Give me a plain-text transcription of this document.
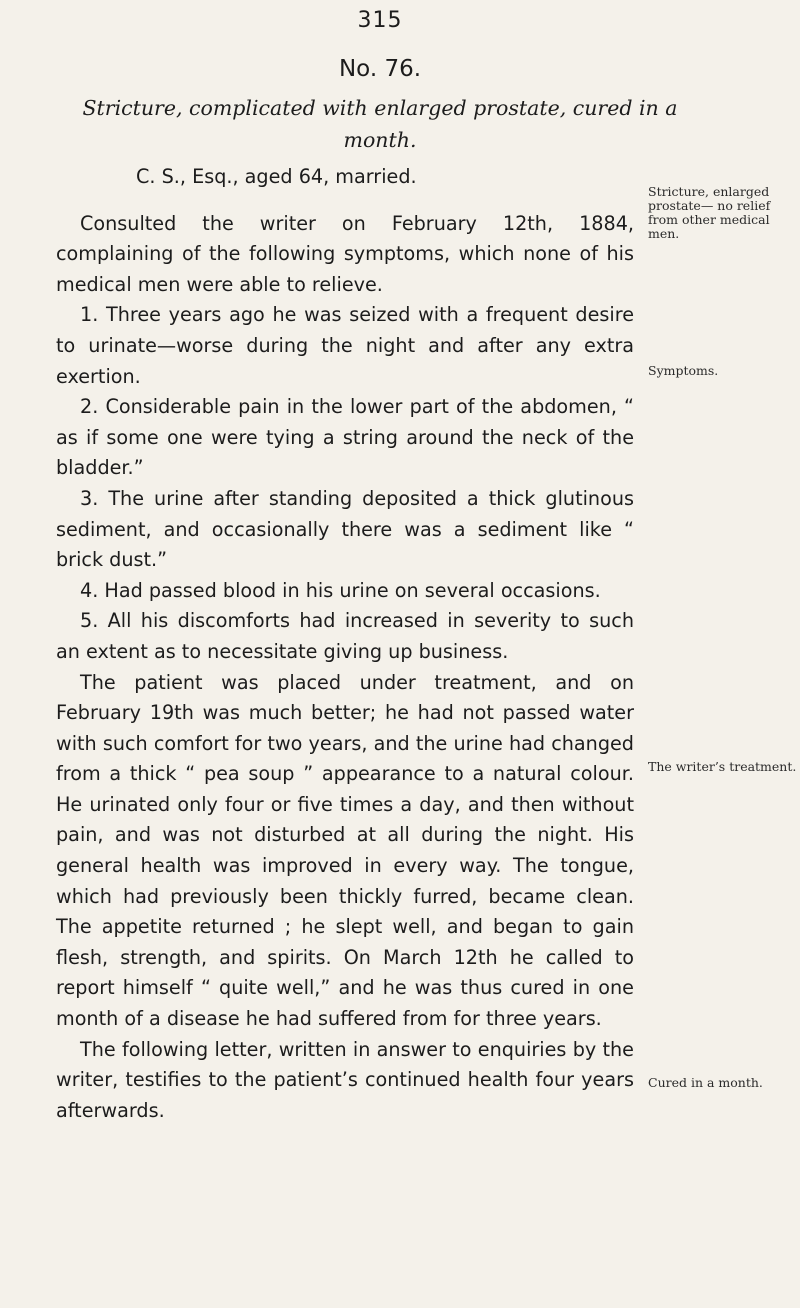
315
No. 76.
Stricture, complicated with enlarged prostate, cured in a month.

C. S., Esq., aged 64, married.

Consulted the writer on February 12th, 1884, complaining of the following symptoms, which none of his medical men were able to relieve.

1. Three years ago he was seized with a frequent desire to urinate—worse during the night and after any extra exertion.

2. Considerable pain in the lower part of the abdomen, “ as if some one were tying a string around the neck of the bladder.”

3. The urine after standing deposited a thick glutinous sediment, and occasionally there was a sediment like “ brick dust.”

4. Had passed blood in his urine on several occasions.

5. All his discomforts had increased in severity to such an extent as to necessitate giving up business.

The patient was placed under treatment, and on February 19th was much better; he had not passed water with such comfort for two years, and the urine had changed from a thick “ pea soup ” appearance to a natural colour. He urinated only four or five times a day, and then without pain, and was not disturbed at all during the night. His general health was improved in every way. The tongue, which had previously been thickly furred, became clean. The appetite returned ; he slept well, and began to gain flesh, strength, and spirits. On March 12th he called to report himself “ quite well,” and he was thus cured in one month of a disease he had suffered from for three years.

The following letter, written in answer to enquiries by the writer, testifies to the patient’s continued health four years afterwards.

Stricture, enlarged prostate— no relief from other medical men.
Symptoms.
The writer’s treatment.
Cured in a month.
